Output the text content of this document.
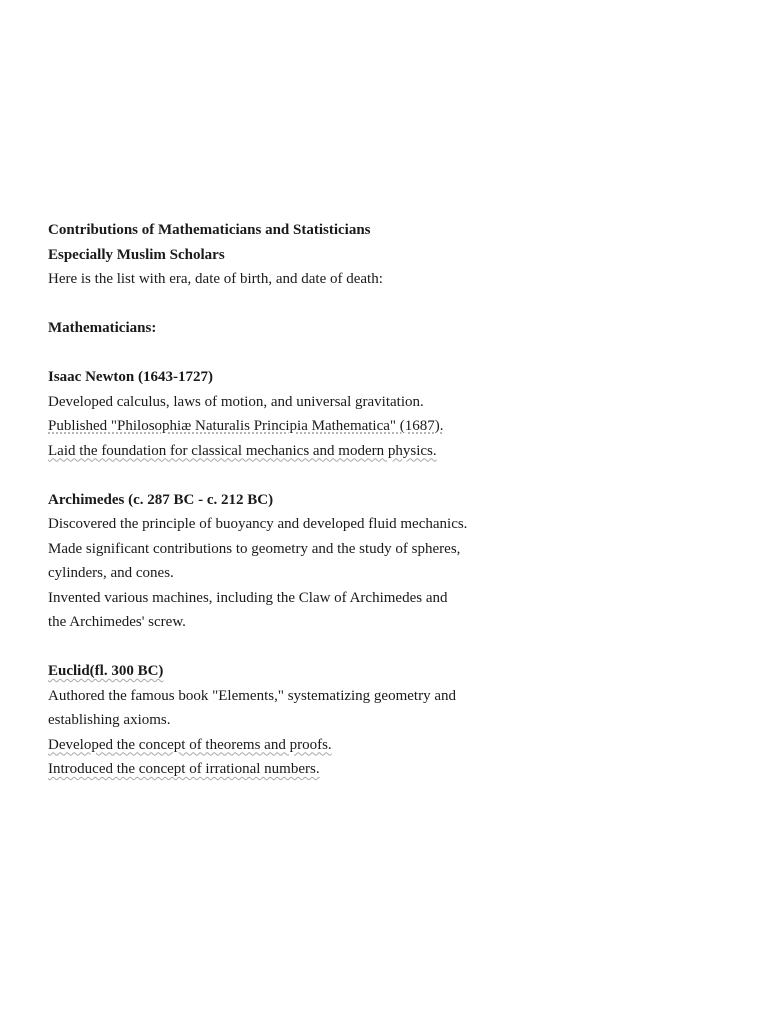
Contributions of Mathematicians and Statisticians
Especially Muslim Scholars
Here is the list with era, date of birth, and date of death:
Mathematicians:
Isaac Newton (1643-1727)
Developed calculus, laws of motion, and universal gravitation.
Published "Philosophiæ Naturalis Principia Mathematica" (1687).
Laid the foundation for classical mechanics and modern physics.
Archimedes (c. 287 BC - c. 212 BC)
Discovered the principle of buoyancy and developed fluid mechanics.
Made significant contributions to geometry and the study of spheres,
cylinders, and cones.
Invented various machines, including the Claw of Archimedes and
the Archimedes' screw.
Euclid(fl. 300 BC)
Authored the famous book "Elements," systematizing geometry and
establishing axioms.
Developed the concept of theorems and proofs.
Introduced the concept of irrational numbers.
